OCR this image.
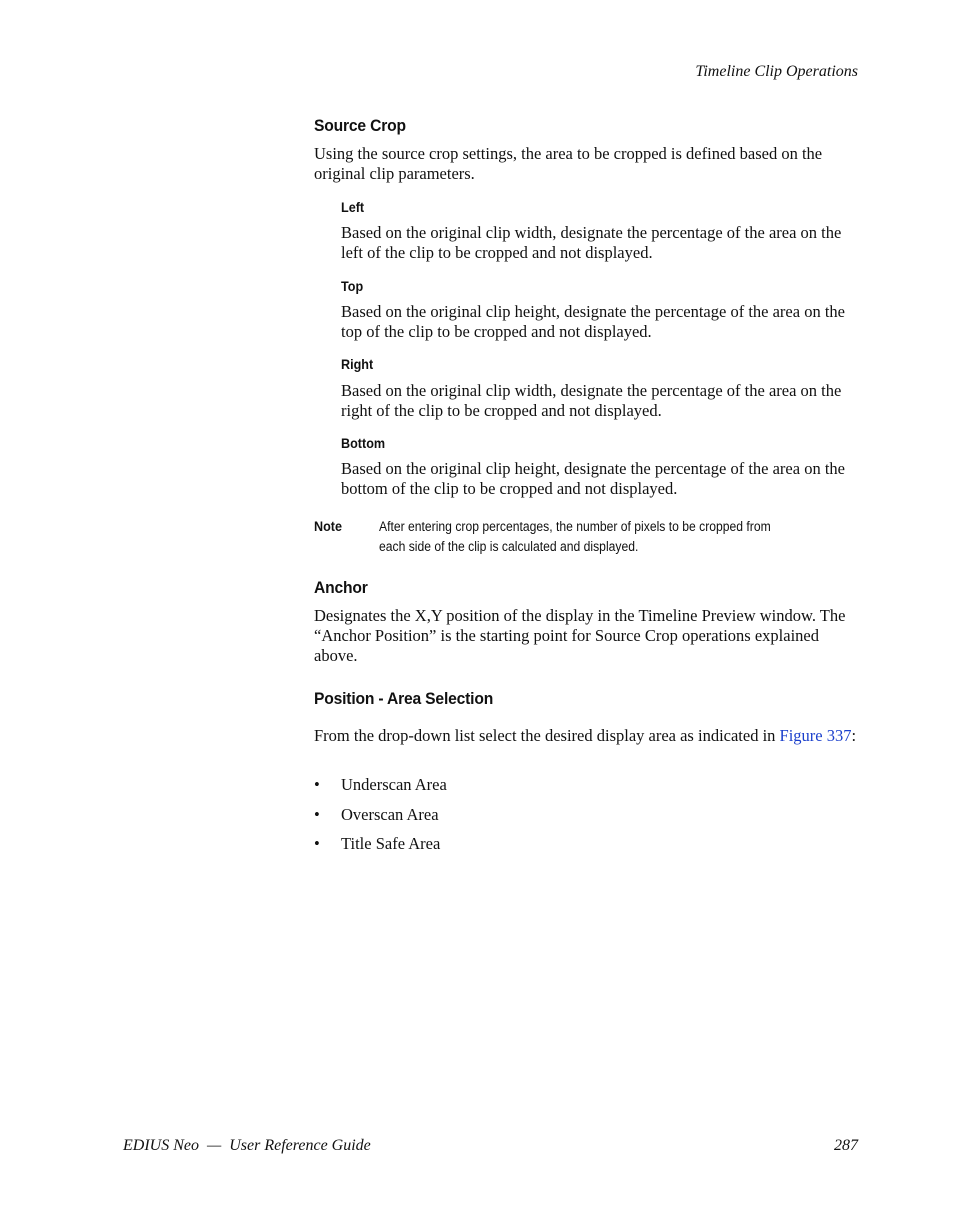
Timeline Clip Operations
Source Crop
Using the source crop settings, the area to be cropped is defined based on the original clip parameters.
Left
Based on the original clip width, designate the percentage of the area on the left of the clip to be cropped and not displayed.
Top
Based on the original clip height, designate the percentage of the area on the top of the clip to be cropped and not displayed.
Right
Based on the original clip width, designate the percentage of the area on the right of the clip to be cropped and not displayed.
Bottom
Based on the original clip height, designate the percentage of the area on the bottom of the clip to be cropped and not displayed.
Note	After entering crop percentages, the number of pixels to be cropped from
each side of the clip is calculated and displayed.
Anchor
Designates the X,Y position of the display in the Timeline Preview window. The “Anchor Position” is the starting point for Source Crop operations explained above.
Position - Area Selection
From the drop-down list select the desired display area as indicated in Figure 337:
• Underscan Area
• Overscan Area
• Title Safe Area
EDIUS Neo  —  User Reference Guide	287
